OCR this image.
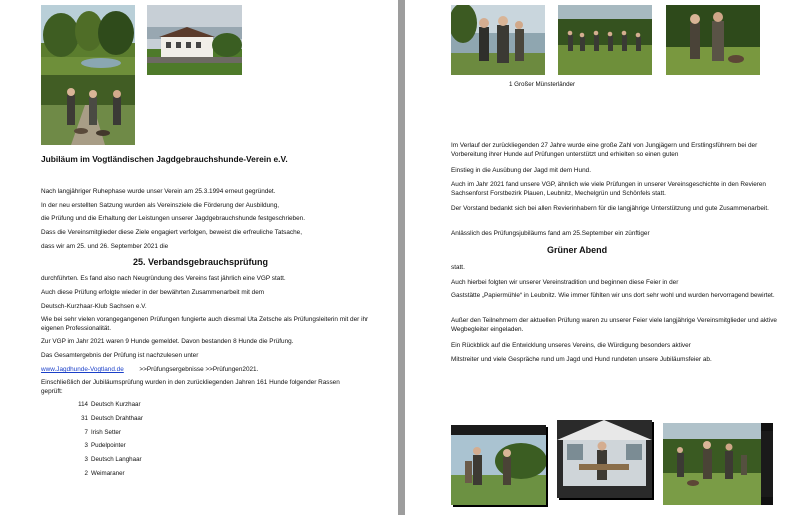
Jubiläum im Vogtländischen Jagdgebrauchshunde-Verein e.V.
Nach langjähriger Ruhephase wurde unser Verein am 25.3.1994 erneut gegründet.
In der neu erstellten Satzung wurden als Vereinsziele die Förderung der Ausbildung,
die Prüfung und die Erhaltung der Leistungen unserer Jagdgebrauchshunde festgeschrieben.
Dass die Vereinsmitglieder diese Ziele engagiert verfolgen, beweist die erfreuliche Tatsache,
dass wir am 25. und 26. September 2021 die
25. Verbandsgebrauchsprüfung
durchführten. Es fand also nach Neugründung des Vereins fast jährlich eine VGP statt.
Auch diese Prüfung erfolgte wieder in der bewährten Zusammenarbeit mit dem
Deutsch-Kurzhaar-Klub Sachsen e.V.
Wie bei sehr vielen vorangegangenen Prüfungen fungierte auch diesmal Uta Zetsche als Prüfungsleiterin mit der ihr eigenen Professionalität.
Zur VGP im Jahr 2021 waren 9 Hunde gemeldet. Davon bestanden 8 Hunde die Prüfung.
Das Gesamtergebnis der Prüfung ist nachzulesen unter
www.Jagdhunde-Vogtland.de >>Prüfungsergebnisse >>Prüfungen2021.
Einschließlich der Jubiläumsprüfung wurden in den zurückliegenden Jahren 161 Hunde folgender Rassen geprüft:
114 Deutsch Kurzhaar
31 Deutsch Drahthaar
7 Irish Setter
3 Pudelpointer
3 Deutsch Langhaar
2 Weimaraner
1 Großer Münsterländer
Im Verlauf der zurückliegenden 27 Jahre wurde eine große Zahl von Jungjägern und Erstlingsführern bei der Vorbereitung ihrer Hunde auf Prüfungen unterstützt und erhielten so einen guten
Einstieg in die Ausübung der Jagd mit dem Hund.
Auch im Jahr 2021 fand unsere VGP, ähnlich wie viele Prüfungen in unserer Vereinsgeschichte in den Revieren Sachsenforst Forstbezirk Plauen, Leubnitz, Mechelgrün und Schönfels statt.
Der Vorstand bedankt sich bei allen Revierinhabern für die langjährige Unterstützung und gute Zusammenarbeit.
Anlässlich des Prüfungsjubiläums fand am 25.September ein zünftiger
Grüner Abend
statt.
Auch hierbei folgten wir unserer Vereinstradition und beginnen diese Feier in der
Gaststätte „Papiermühle“ in Leubnitz. Wie immer fühlten wir uns dort sehr wohl und wurden hervorragend bewirtet.
Außer den Teilnehmern der aktuellen Prüfung waren zu unserer Feier viele langjährige Vereinsmitglieder und aktive Wegbegleiter eingeladen.
Ein Rückblick auf die Entwicklung unseres Vereins, die Würdigung besonders aktiver
Mitstreiter und viele Gespräche rund um Jagd und Hund rundeten unsere Jubiläumsfeier ab.
